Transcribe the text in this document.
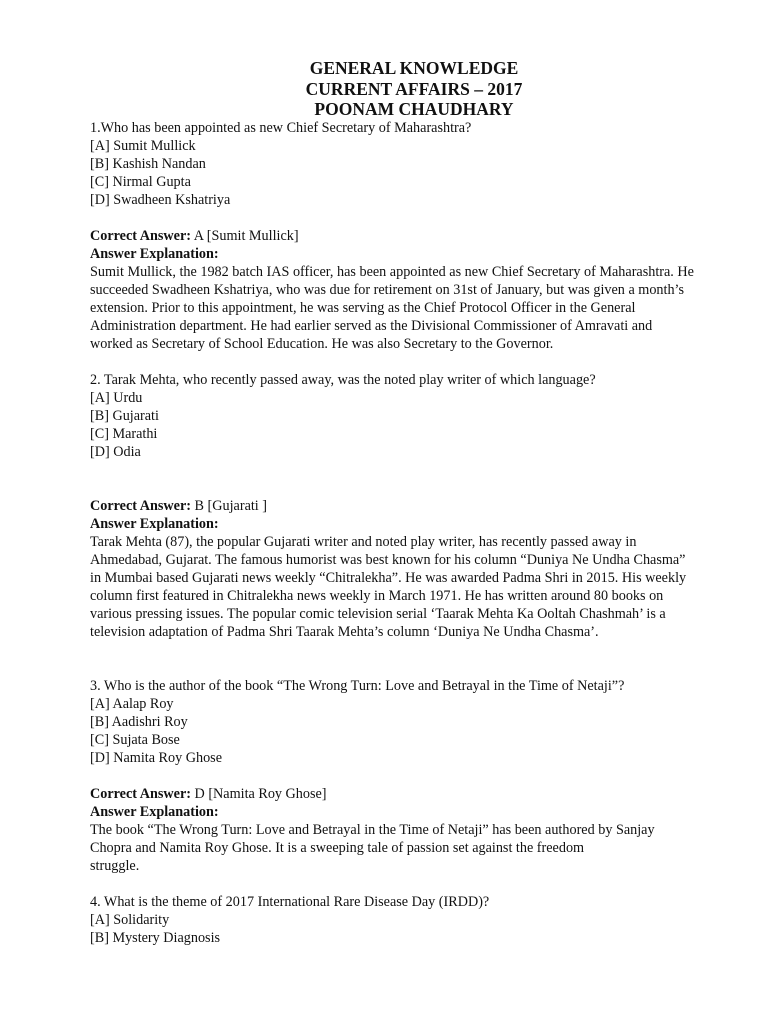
GENERAL KNOWLEDGE
CURRENT AFFAIRS – 2017
POONAM CHAUDHARY
1.Who has been appointed as new Chief Secretary of Maharashtra?
[A] Sumit Mullick
[B] Kashish Nandan
[C] Nirmal Gupta
[D] Swadheen Kshatriya
Correct Answer: A [Sumit Mullick]
Answer Explanation:
Sumit Mullick, the 1982 batch IAS officer, has been appointed as new Chief Secretary of Maharashtra. He
succeeded Swadheen Kshatriya, who was due for retirement on 31st of January, but was given a month’s
extension. Prior to this appointment, he was serving as the Chief Protocol Officer in the General
Administration department. He had earlier served as the Divisional Commissioner of Amravati and
worked as Secretary of School Education. He was also Secretary to the Governor.
2. Tarak Mehta, who recently passed away, was the noted play writer of which language?
[A] Urdu
[B] Gujarati
[C] Marathi
[D] Odia
Correct Answer: B [Gujarati ]
Answer Explanation:
Tarak Mehta (87), the popular Gujarati writer and noted play writer, has recently passed away in
Ahmedabad, Gujarat. The famous humorist was best known for his column “Duniya Ne Undha Chasma”
in Mumbai based Gujarati news weekly “Chitralekha”. He was awarded Padma Shri in 2015. His weekly
column first featured in Chitralekha news weekly in March 1971. He has written around 80 books on
various pressing issues. The popular comic television serial ‘Taarak Mehta Ka Ooltah Chashmah’ is a
television adaptation of Padma Shri Taarak Mehta’s column ‘Duniya Ne Undha Chasma’.
3. Who is the author of the book “The Wrong Turn: Love and Betrayal in the Time of Netaji”?
[A] Aalap Roy
[B] Aadishri Roy
[C] Sujata Bose
[D] Namita Roy Ghose
Correct Answer: D [Namita Roy Ghose]
Answer Explanation:
The book “The Wrong Turn: Love and Betrayal in the Time of Netaji” has been authored by Sanjay
Chopra and Namita Roy Ghose. It is a sweeping tale of passion set against the freedom
struggle.
4. What is the theme of 2017 International Rare Disease Day (IRDD)?
[A] Solidarity
[B] Mystery Diagnosis
